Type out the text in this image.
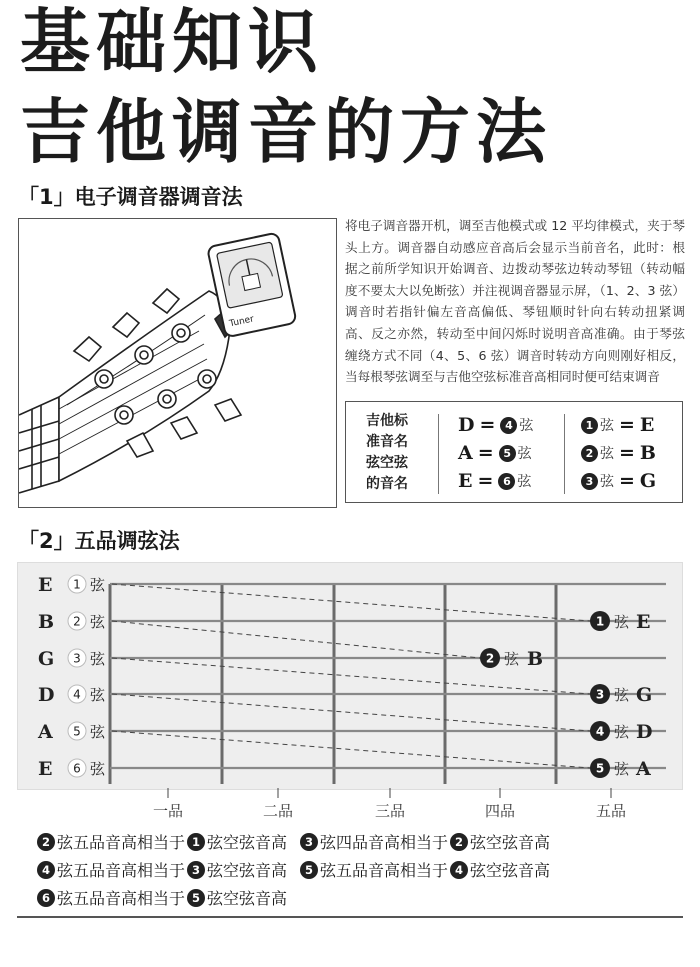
基础知识
吉他调音的方法
「1」电子调音器调音法
Tuner
将电子调音器开机，调至吉他模式或 12 平均律模式，夹于琴头上方。调音器自动感应音高后会显示当前音名，此时：根据之前所学知识开始调音、边拨动琴弦边转动琴钮（转动幅度不要太大以免断弦）并注视调音器显示屏，（1、2、3 弦）调音时若指针偏左音高偏低、琴钮顺时针向右转动扭紧调高、反之亦然，转动至中间闪烁时说明音高准确。由于琴弦缠绕方式不同（4、5、6 弦）调音时转动方向则刚好相反，当每根琴弦调至与吉他空弦标准音高相同时便可结束调音
吉他标
准音名
弦空弦
的音名
D = 4 弦
A = 5 弦
E = 6 弦
1 弦 = E
2 弦 = B
3 弦 = G
「2」五品调弦法
E 1 弦
B 2 弦
G 3 弦
D 4 弦
A 5 弦
E 6 弦
1 弦 E
3 弦 G
4 弦 D
5 弦 A
2 弦 B
一品	二品	三品	四品	五品
2 弦五品音高相当于 1 弦空弦音高	3 弦四品音高相当于 2 弦空弦音高
4 弦五品音高相当于 3 弦空弦音高	5 弦五品音高相当于 4 弦空弦音高
6 弦五品音高相当于 5 弦空弦音高
